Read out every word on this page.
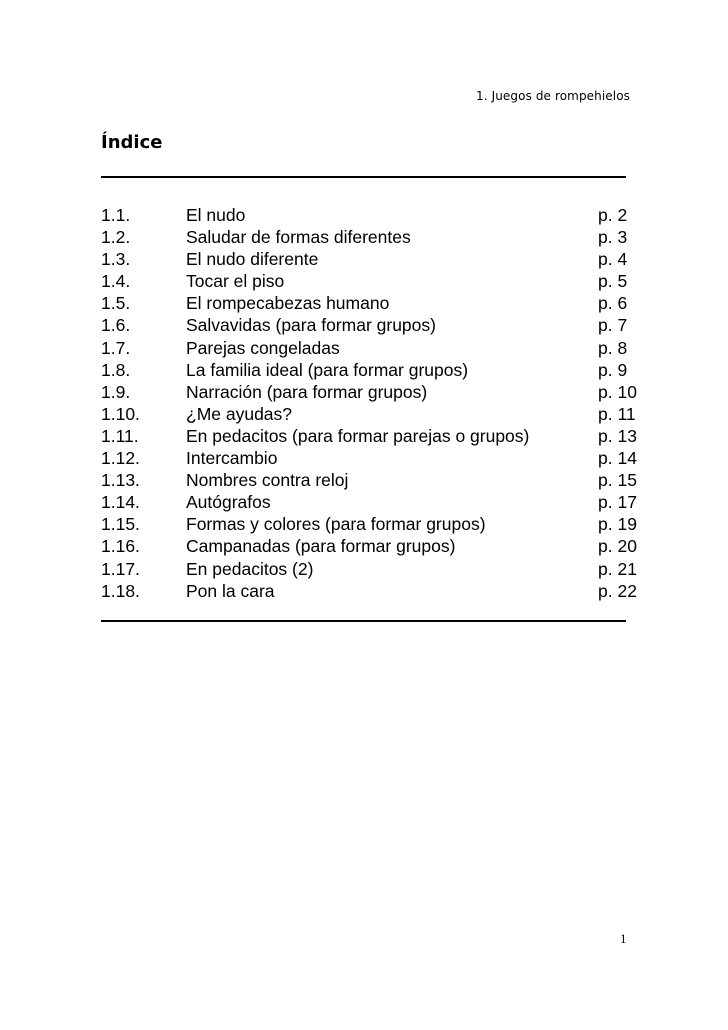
1. Juegos de rompehielos
Índice
1.1.	El nudo	p. 2
1.2.	Saludar de formas diferentes	p. 3
1.3.	El nudo diferente	p. 4
1.4.	Tocar el piso	p. 5
1.5.	El rompecabezas humano	p. 6
1.6.	Salvavidas (para formar grupos)	p. 7
1.7.	Parejas congeladas	p. 8
1.8.	La familia ideal (para formar grupos)	p. 9
1.9.	Narración (para formar grupos)	p. 10
1.10.	¿Me ayudas?	p. 11
1.11.	En pedacitos (para formar parejas o grupos)	p. 13
1.12.	Intercambio	p. 14
1.13.	Nombres contra reloj	p. 15
1.14.	Autógrafos	p. 17
1.15.	Formas y colores (para formar grupos)	p. 19
1.16.	Campanadas (para formar grupos)	p. 20
1.17.	En pedacitos (2)	p. 21
1.18.	Pon la cara	p. 22
1
